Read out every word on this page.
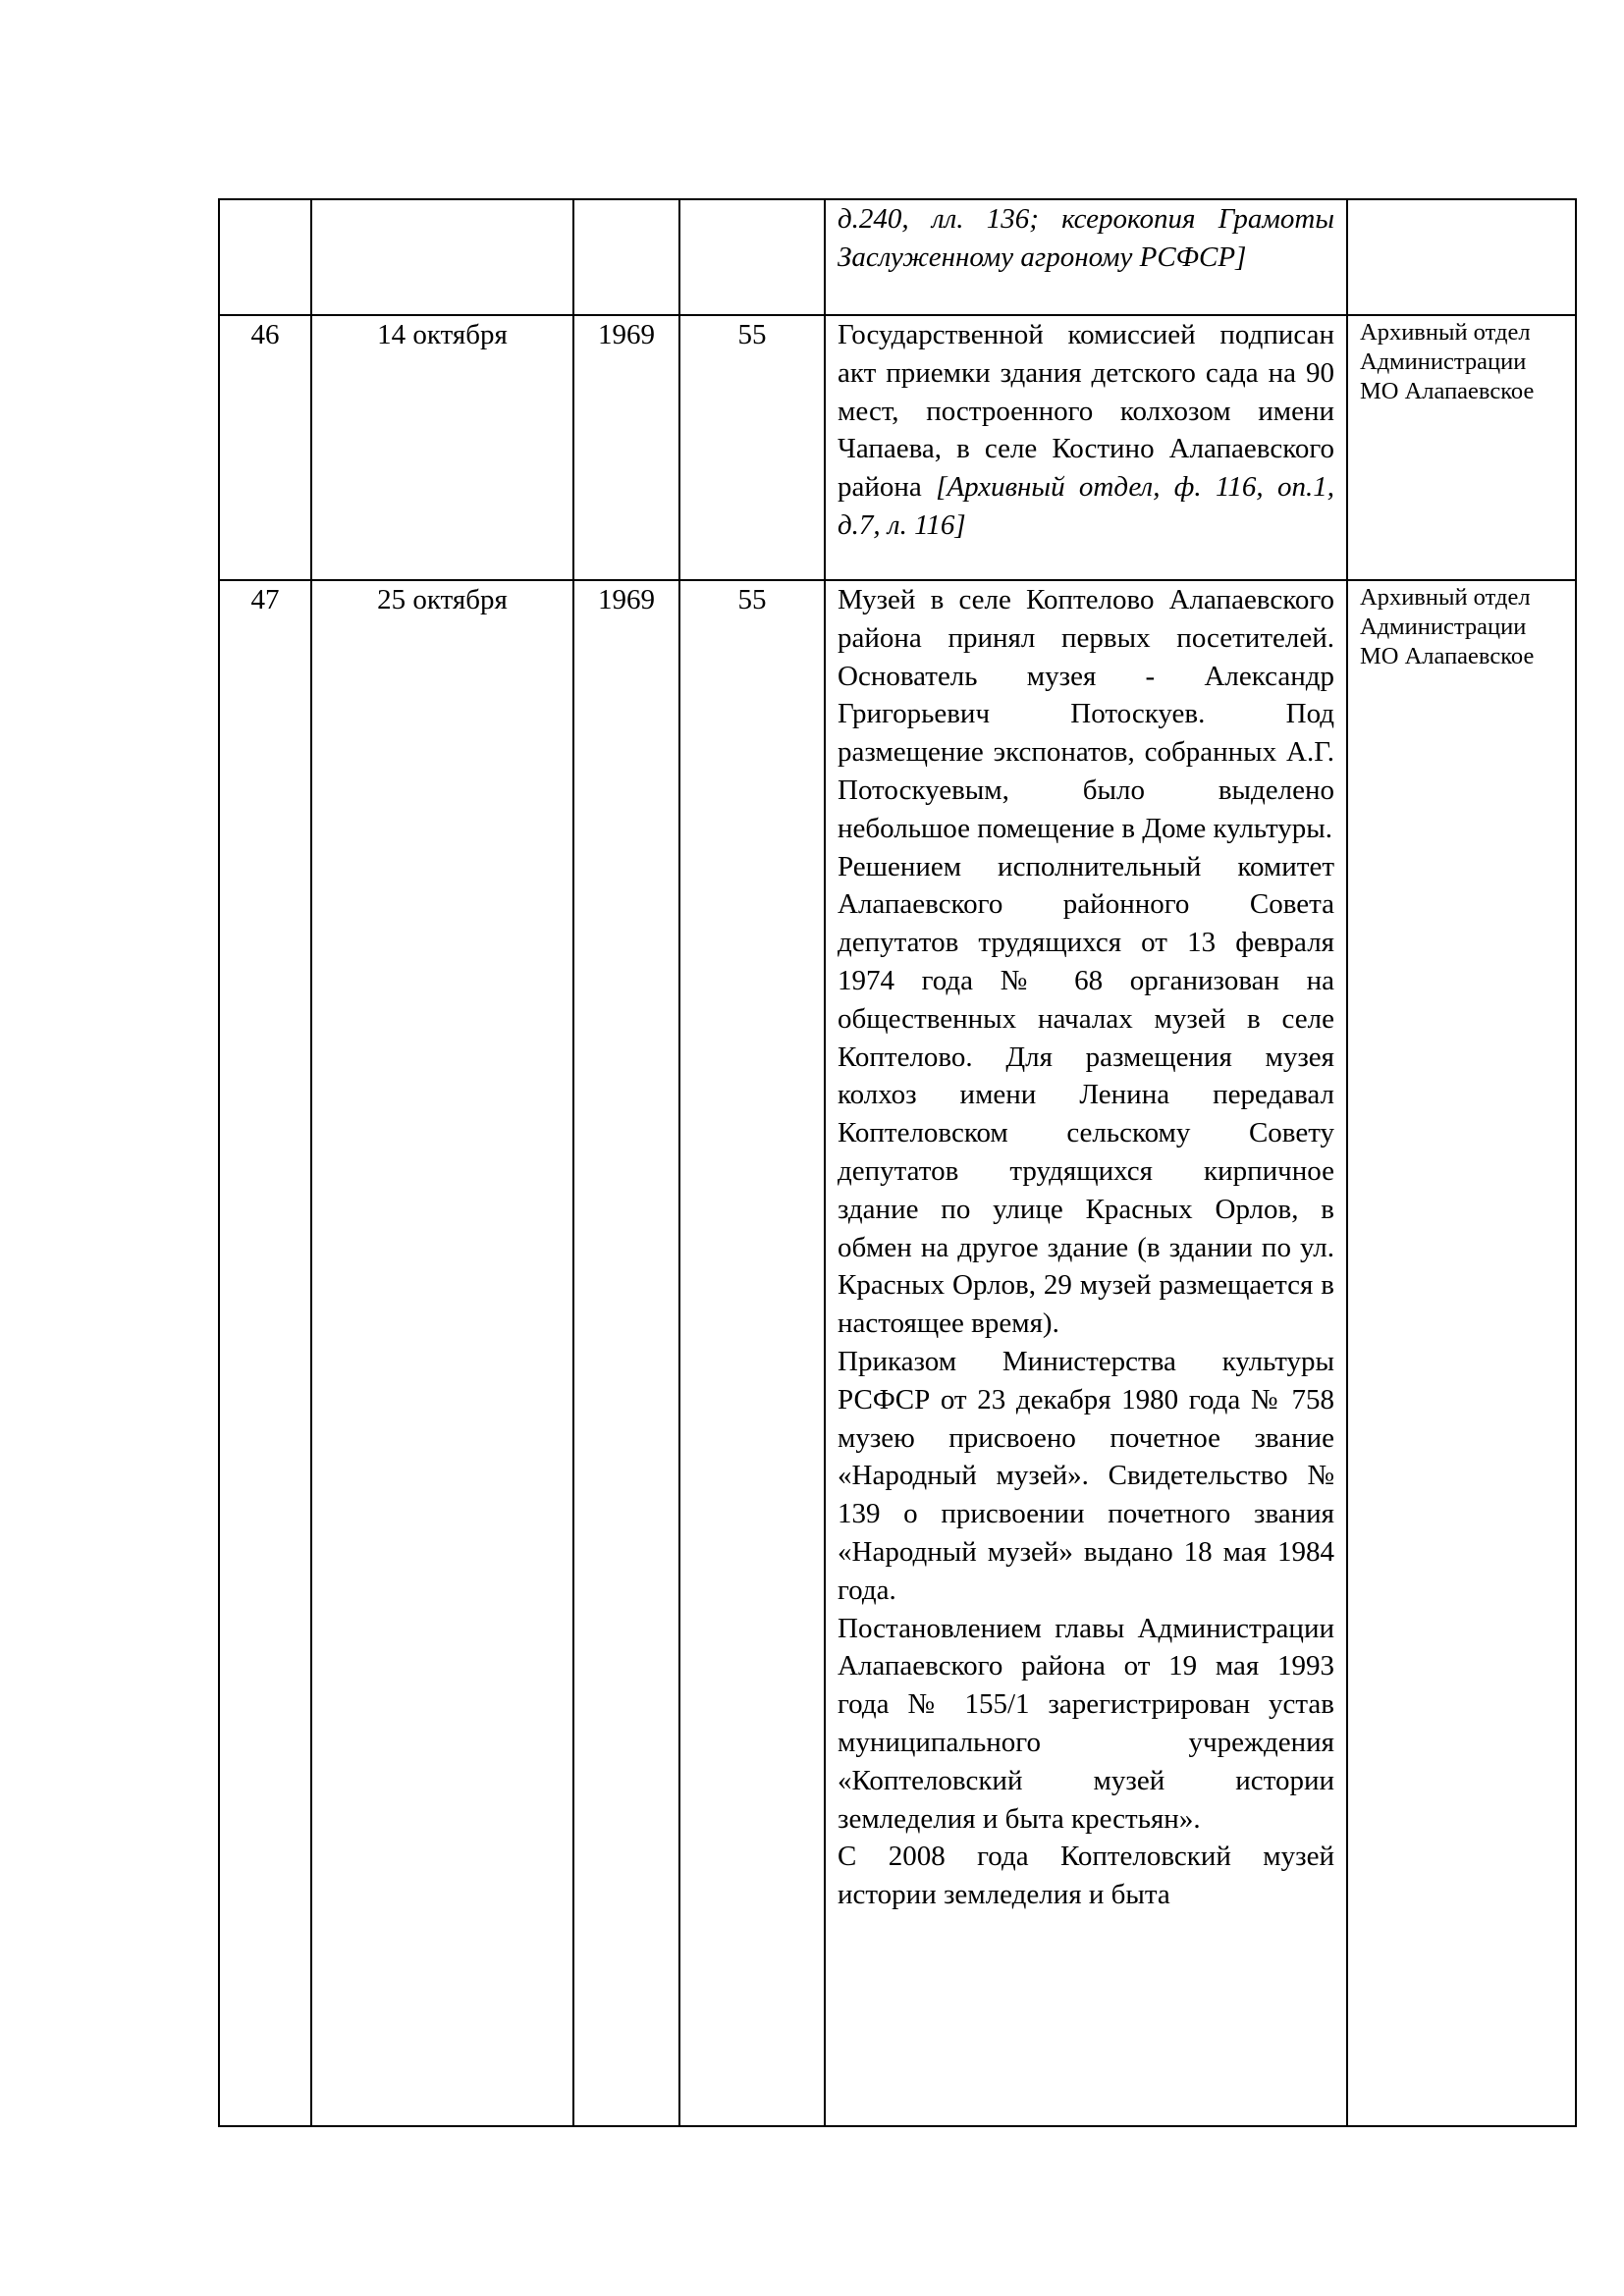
				д.240, лл. 136; ксерокопия Грамоты Заслуженному агроному РСФСР]	

46	14 октября	1969	55	Государственной комиссией подписан акт приемки здания детского сада на 90 мест, построенного колхозом имени Чапаева, в селе Костино Алапаевского района [Архивный отдел, ф. 116, оп.1, д.7, л. 116]	Архивный отдел Администрации МО Алапаевское
47	25 октября	1969	55	Музей в селе Коптелово Алапаевского района принял первых посетителей. Основатель музея - Александр Григорьевич Потоскуев. Под размещение экспонатов, собранных А.Г. Потоскуевым, было выделено небольшое помещение в Доме культуры.
Решением исполнительный комитет Алапаевского районного Совета депутатов трудящихся от 13 февраля 1974 года № 68 организован на общественных началах музей в селе Коптелово. Для размещения музея колхоз имени Ленина передавал Коптеловском сельскому Совету депутатов трудящихся кирпичное здание по улице Красных Орлов, в обмен на другое здание (в здании по ул. Красных Орлов, 29 музей размещается в настоящее время).
Приказом Министерства культуры РСФСР от 23 декабря 1980 года № 758 музею присвоено почетное звание «Народный музей». Свидетельство № 139 о присвоении почетного звания «Народный музей» выдано 18 мая 1984 года.
Постановлением главы Администрации Алапаевского района от 19 мая 1993 года № 155/1 зарегистрирован устав муниципального учреждения «Коптеловский музей истории земледелия и быта крестьян».
С 2008 года Коптеловский музей истории земледелия и быта	Архивный отдел Администрации МО Алапаевское
